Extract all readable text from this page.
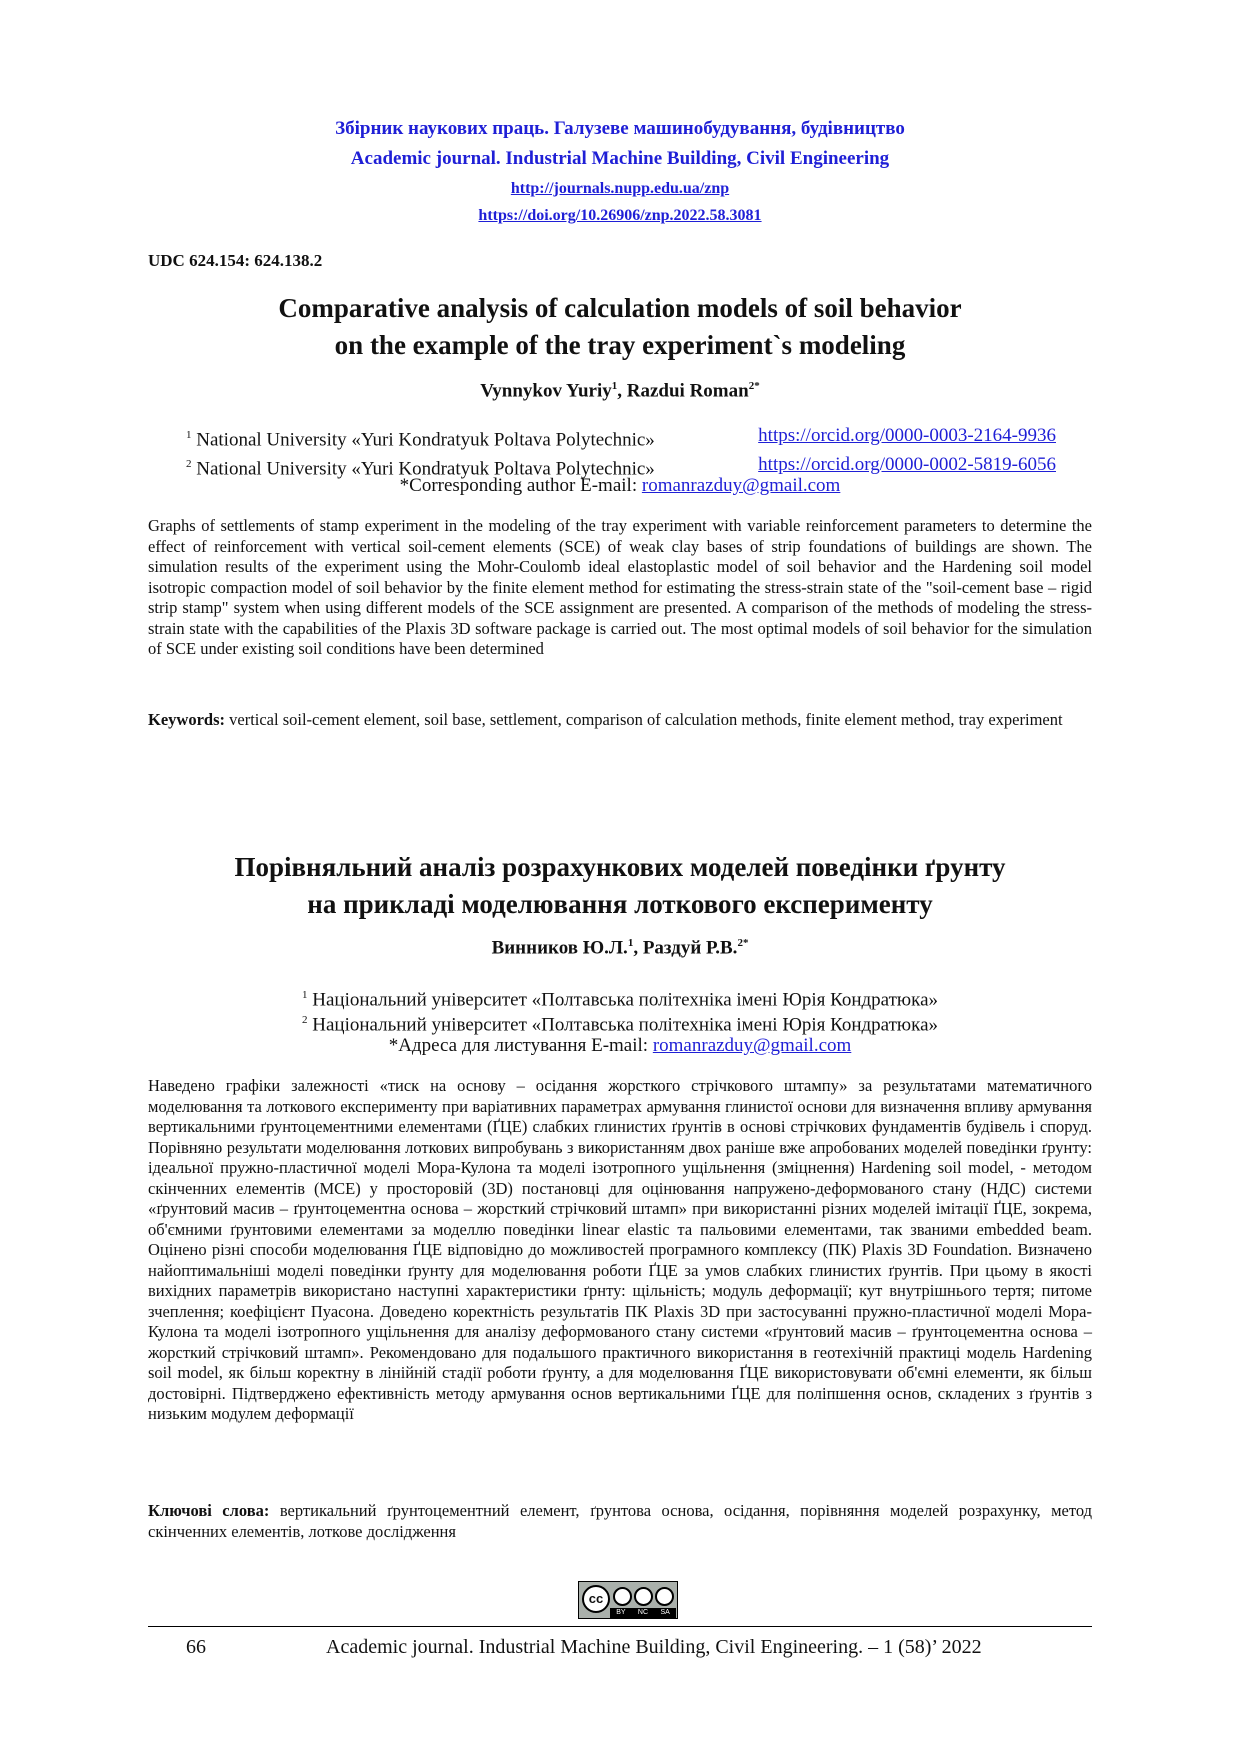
Збірник наукових праць. Галузеве машинобудування, будівництво
Academic journal. Industrial Machine Building, Civil Engineering
http://journals.nupp.edu.ua/znp
https://doi.org/10.26906/znp.2022.58.3081
UDC 624.154: 624.138.2
Comparative analysis of calculation models of soil behavior
on the example of the tray experiment`s modeling
Vynnykov Yuriy$^1$, Razdui Roman$^{2*}$
$^1$ National University «Yuri Kondratyuk Poltava Polytechnic»	https://orcid.org/0000-0003-2164-9936
$^2$ National University «Yuri Kondratyuk Poltava Polytechnic»	https://orcid.org/0000-0002-5819-6056
*Corresponding author E-mail: romanrazduy@gmail.com
Graphs of settlements of stamp experiment in the modeling of the tray experiment with variable reinforcement parameters to determine the effect of reinforcement with vertical soil-cement elements (SCE) of weak clay bases of strip foundations of buildings are shown. The simulation results of the experiment using the Mohr-Coulomb ideal elastoplastic model of soil behavior and the Hardening soil model isotropic compaction model of soil behavior by the finite element method for estimating the stress-strain state of the "soil-cement base – rigid strip stamp" system when using different models of the SCE assignment are presented. A comparison of the methods of modeling the stress-strain state with the capabilities of the Plaxis 3D software package is carried out. The most optimal models of soil behavior for the simulation of SCE under existing soil conditions have been determined
Keywords: vertical soil-cement element, soil base, settlement, comparison of calculation methods, finite element method, tray experiment
Порівняльний аналіз розрахункових моделей поведінки ґрунту
на прикладі моделювання лоткового експерименту
Винников Ю.Л.$^1$, Раздуй Р.В.$^{2*}$
$^1$ Національний університет «Полтавська політехніка імені Юрія Кондратюка»
$^2$ Національний університет «Полтавська політехніка імені Юрія Кондратюка»
*Адреса для листування E-mail: romanrazduy@gmail.com
Наведено графіки залежності «тиск на основу – осідання жорсткого стрічкового штампу» за результатами математичного моделювання та лоткового експерименту при варіативних параметрах армування глинистої основи для визначення впливу армування вертикальними ґрунтоцементними елементами (ҐЦЕ) слабких глинистих ґрунтів в основі стрічкових фундаментів будівель і споруд. Порівняно результати моделювання лоткових випробувань з використанням двох раніше вже апробованих моделей поведінки ґрунту: ідеальної пружно-пластичної моделі Мора-Кулона та моделі ізотропного ущільнення (зміцнення) Hardening soil model, - методом скінченних елементів (МСЕ) у просторовій (3D) постановці для оцінювання напружено-деформованого стану (НДС) системи «ґрунтовий масив – ґрунтоцементна основа – жорсткий стрічковий штамп» при використанні різних моделей імітації ҐЦЕ, зокрема, об'ємними ґрунтовими елементами за моделлю поведінки linear elastic та пальовими елементами, так званими embedded beam. Оцінено різні способи моделювання ҐЦЕ відповідно до можливостей програмного комплексу (ПК) Plaxis 3D Foundation. Визначено найоптимальніші моделі поведінки ґрунту для моделювання роботи ҐЦЕ за умов слабких глинистих ґрунтів. При цьому в якості вихідних параметрів використано наступні характеристики ґрнту: щільність; модуль деформації; кут внутрішнього тертя; питоме зчеплення; коефіцієнт Пуасона. Доведено коректність результатів ПК Plaxis 3D при застосуванні пружно-пластичної моделі Мора-Кулона та моделі ізотропного ущільнення для аналізу деформованого стану системи «ґрунтовий масив – ґрунтоцементна основа – жорсткий стрічковий штамп». Рекомендовано для подальшого практичного використання в геотехічній практиці модель Hardening soil model, як більш коректну в лінійній стадії роботи ґрунту, а для моделювання ҐЦЕ використовувати об'ємні елементи, як більш достовірні. Підтверджено ефективність методу армування основ вертикальними ҐЦЕ для поліпшення основ, складених з ґрунтів з низьким модулем деформації
Ключові слова: вертикальний ґрунтоцементний елемент, ґрунтова основа, осідання, порівняння моделей розрахунку, метод скінченних елементів, лоткове дослідження
cc
BY NC SA
66	Academic journal. Industrial Machine Building, Civil Engineering. – 1 (58)’ 2022
